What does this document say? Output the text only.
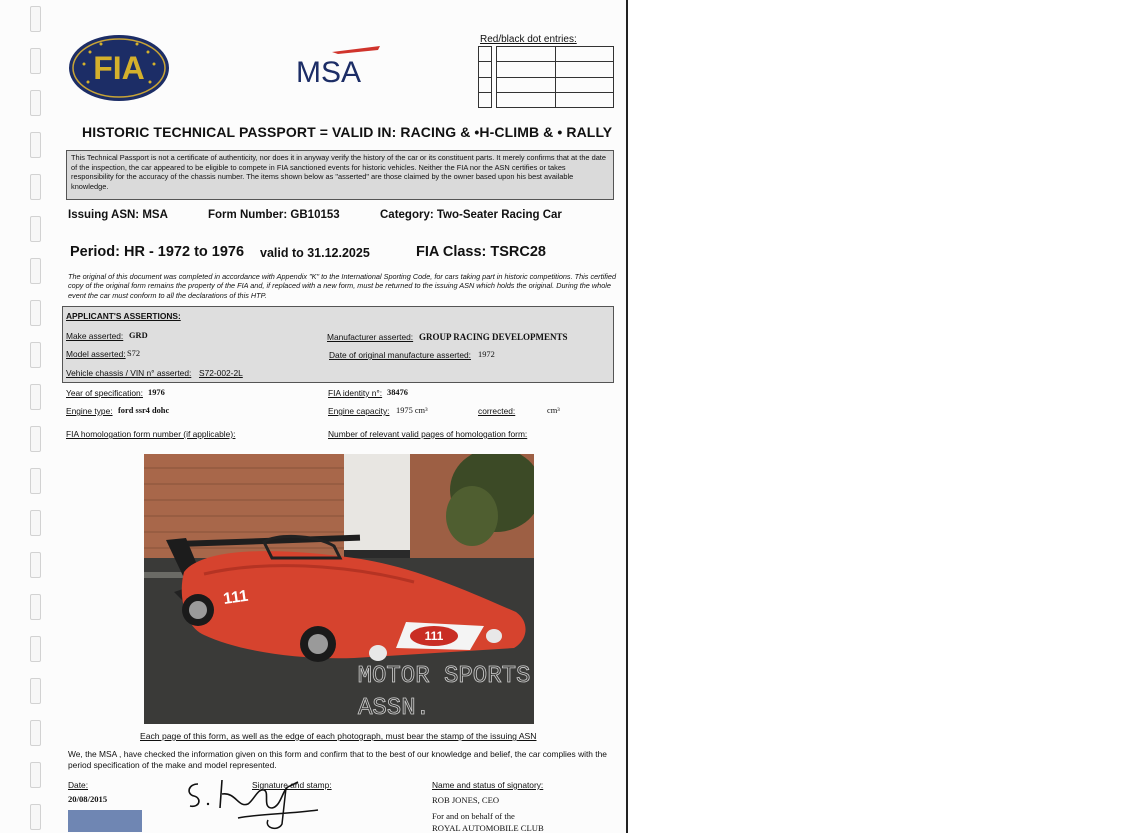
FIA	MSA
Red/black dot entries:

HISTORIC TECHNICAL PASSPORT = VALID IN: RACING & •H-CLIMB & • RALLY
This Technical Passport is not a certificate of authenticity, nor does it in anyway verify the history of the car or its constituent parts. It merely confirms that at the date of the inspection, the car appeared to be eligible to compete in FIA sanctioned events for historic vehicles. Neither the FIA nor the ASN certifies or takes responsibility for the accuracy of the chassis number. The items shown below as "asserted" are those claimed by the owner based upon his best available knowledge.
Issuing ASN: MSA	Form Number: GB10153	Category: Two-Seater Racing Car
Period: HR - 1972 to 1976 valid to 31.12.2025	FIA Class: TSRC28
The original of this document was completed in accordance with Appendix "K" to the International Sporting Code, for cars taking part in historic competitions. This certified copy of the original form remains the property of the FIA and, if replaced with a new form, must be returned to the issuing ASN which holds the original. During the whole event the car must conform to all the declarations of this HTP.
APPLICANT'S ASSERTIONS:
Make asserted: GRD	Manufacturer asserted: GROUP RACING DEVELOPMENTS
Model asserted: S72	Date of original manufacture asserted: 1972
Vehicle chassis / VIN n° asserted: S72-002-2L
Year of specification: 1976	FIA identity n°: 38476
Engine type: ford ssr4 dohc	Engine capacity: 1975 cm³	corrected:	cm³
FIA homologation form number (if applicable):	Number of relevant valid pages of homologation form:
111
111
MOTOR SPORTS
ASSN.
Each page of this form, as well as the edge of each photograph, must bear the stamp of the issuing ASN
We, the MSA , have checked the information given on this form and confirm that to the best of our knowledge and belief, the car complies with the period specification of the make and model represented.
Date:
20/08/2015
Signature and stamp:	Name and status of signatory:
ROB JONES, CEO
For and on behalf of the
ROYAL AUTOMOBILE CLUB
